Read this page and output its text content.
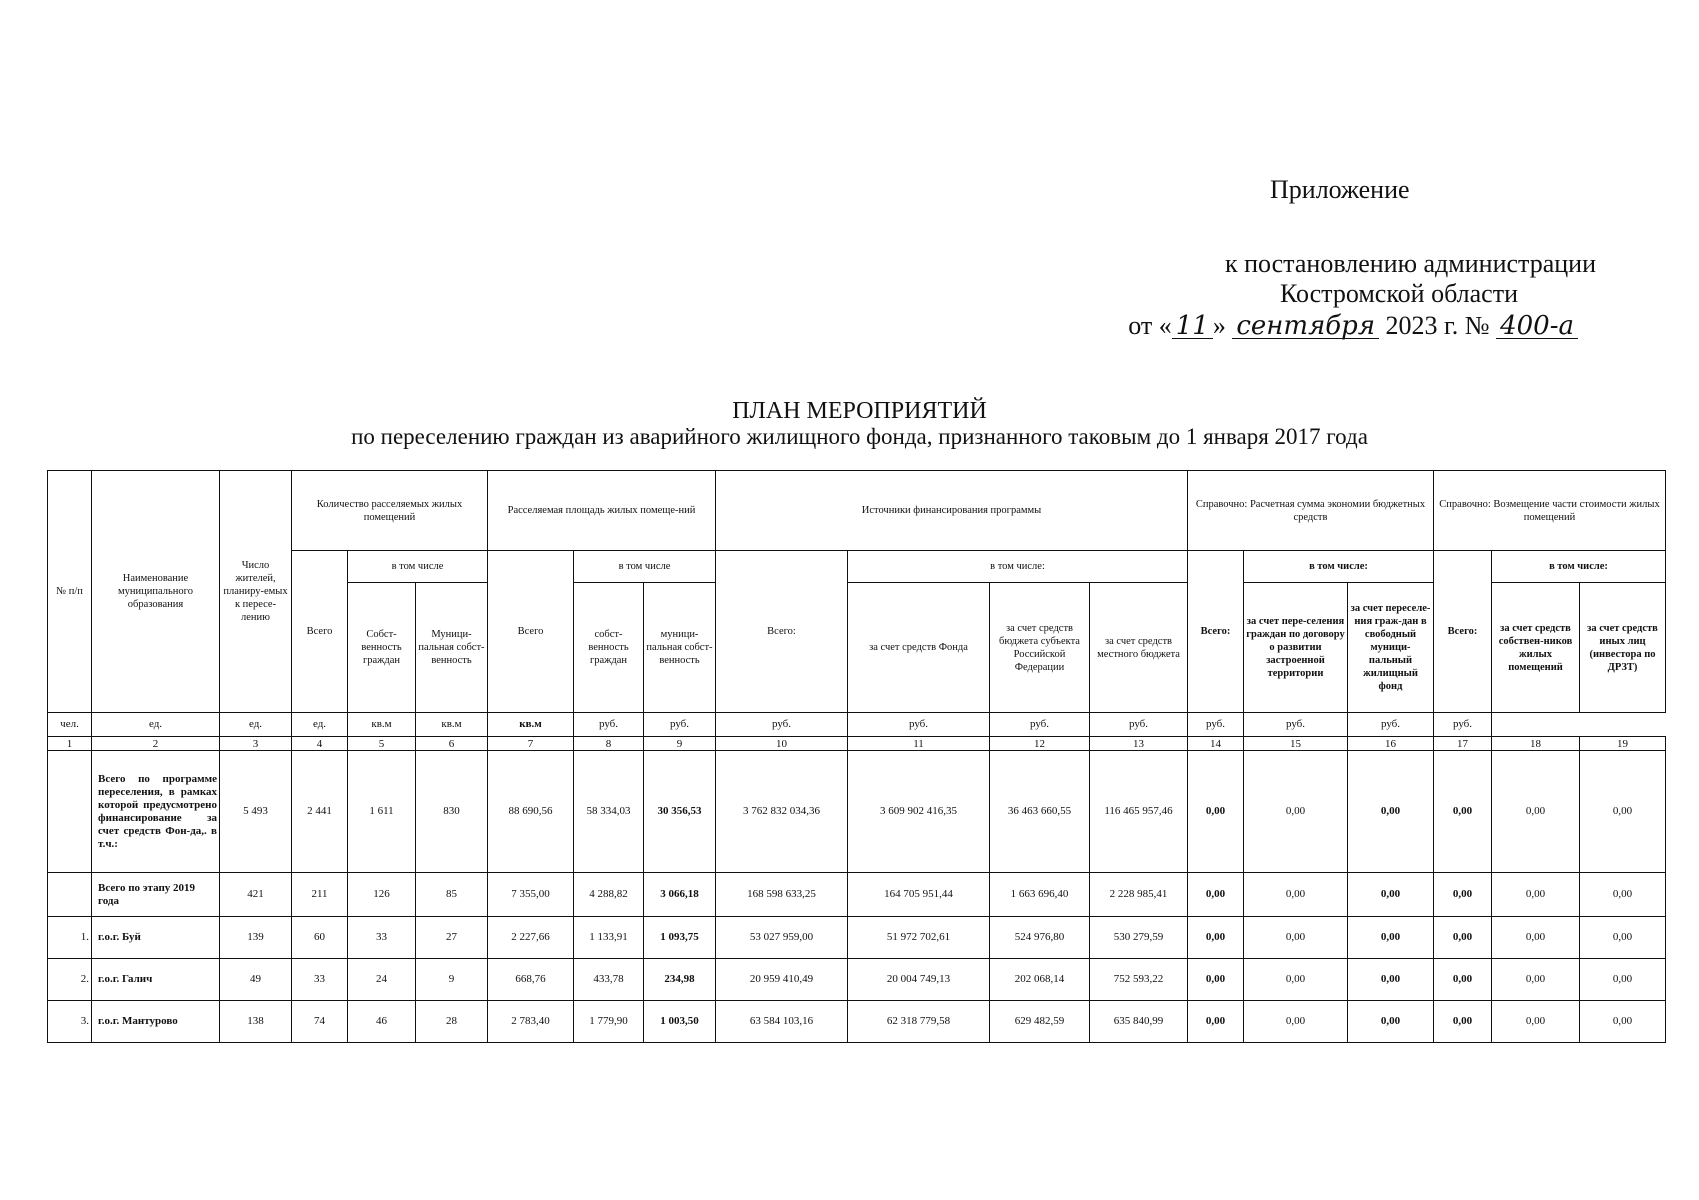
Приложение
к постановлению администрации
Костромской области
от « 11 » сентября 2023 г. № 400-а
ПЛАН МЕРОПРИЯТИЙ
по переселению граждан из аварийного жилищного фонда, признанного таковым до 1 января 2017 года
№ п/п	Наименование муниципального образования	Число жителей, планиру-емых к пересе-лению	Количество расселяемых жилых помещений			Расселяемая площадь жилых помеще-ний			Источники финансирования программы				Справочно: Расчетная сумма экономии бюджетных средств			Справочно: Возмещение части стоимости жилых помещений		
			Всего	в том числе		Всего	в том числе		Всего:	в том числе:			Всего:	в том числе:		Всего:	в том числе:	
				Собст-венность граждан	Муници-пальная собст-венность		собст-венность граждан	муници-пальная собст-венность		за счет средств Фонда	за счет средств бюджета субъекта Российской Федерации	за счет средств местного бюджета		за счет пере-селения граждан по договору о развитии застроенной территории	за счет переселе-ния граж-дан в свободный муници-пальный жилищный фонд		за счет средств собствен-ников жилых помещений	за счет средств иных лиц (инвестора по ДРЗТ)
чел.	ед.	ед.	ед.	кв.м	кв.м	кв.м	руб.	руб.	руб.	руб.	руб.	руб.	руб.	руб.	руб.	руб.		
1	2	3	4	5	6	7	8	9	10	11	12	13	14	15	16	17	18	19
	Всего по программе переселения, в рамках которой предусмотрено финансирование за счет средств Фон-да,. в т.ч.:	5 493	2 441	1 611	830	88 690,56	58 334,03	30 356,53	3 762 832 034,36	3 609 902 416,35	36 463 660,55	116 465 957,46	0,00	0,00	0,00	0,00	0,00	0,00
	Всего по этапу 2019 года	421	211	126	85	7 355,00	4 288,82	3 066,18	168 598 633,25	164 705 951,44	1 663 696,40	2 228 985,41	0,00	0,00	0,00	0,00	0,00	0,00
1.	г.о.г. Буй	139	60	33	27	2 227,66	1 133,91	1 093,75	53 027 959,00	51 972 702,61	524 976,80	530 279,59	0,00	0,00	0,00	0,00	0,00	0,00
2.	г.о.г. Галич	49	33	24	9	668,76	433,78	234,98	20 959 410,49	20 004 749,13	202 068,14	752 593,22	0,00	0,00	0,00	0,00	0,00	0,00
3.	г.о.г. Мантурово	138	74	46	28	2 783,40	1 779,90	1 003,50	63 584 103,16	62 318 779,58	629 482,59	635 840,99	0,00	0,00	0,00	0,00	0,00	0,00
